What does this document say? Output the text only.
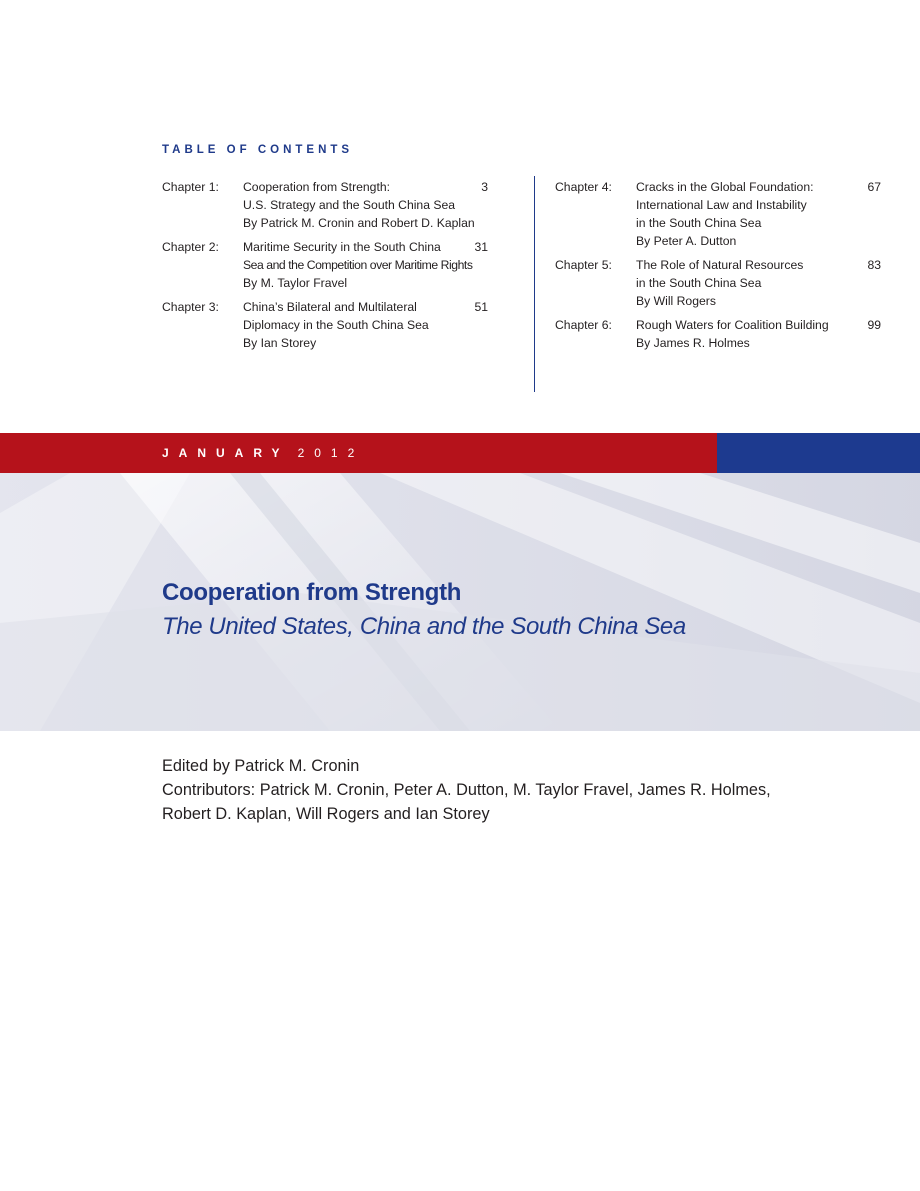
TABLE OF CONTENTS
Chapter 1:	Cooperation from Strength:
U.S. Strategy and the South China Sea
By Patrick M. Cronin and Robert D. Kaplan
3
Chapter 2:	Maritime Security in the South China
Sea and the Competition over Maritime Rights
By M. Taylor Fravel
31
Chapter 3:	China’s Bilateral and Multilateral
Diplomacy in the South China Sea
By Ian Storey
51
Chapter 4:	Cracks in the Global Foundation:
International Law and Instability
in the South China Sea
By Peter A. Dutton
67
Chapter 5:	The Role of Natural Resources
in the South China Sea
By Will Rogers
83
Chapter 6:	Rough Waters for Coalition Building
By James R. Holmes
99
JANUARY 2012
Cooperation from Strength
The United States, China and the South China Sea
Edited by Patrick M. Cronin
Contributors: Patrick M. Cronin, Peter A. Dutton, M. Taylor Fravel, James R. Holmes,
Robert D. Kaplan, Will Rogers and Ian Storey
